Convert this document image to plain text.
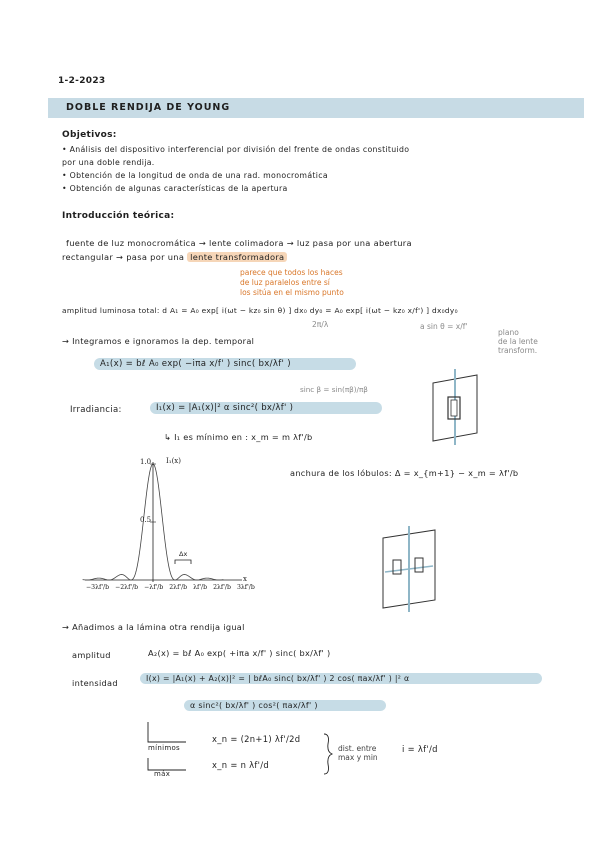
1-2-2023
DOBLE RENDIJA DE YOUNG
Objetivos:
• Análisis del dispositivo interferencial por división del frente de ondas constituido
por una doble rendija.
• Obtención de la longitud de onda de una rad. monocromática
• Obtención de algunas características de la apertura
Introducción teórica:
fuente de luz monocromática → lente colimadora → luz pasa por una abertura
rectangular → pasa por una lente transformadora
parece que todos los haces
de luz paralelos entre sí
los sitúa en el mismo punto
amplitud luminosa total: d A₁ = A₀ exp[ i(ωt − kz₀ sin θ) ] dx₀ dy₀ = A₀ exp[ i(ωt − kz₀ x/f') ] dx₀dy₀
2π/λ	a sin θ = x/f'
plano
de la lente
transform.
→ Integramos e ignoramos la dep. temporal
A₁(x) = bℓ A₀ exp( −iπa x/f' ) sinc( bx/λf' )
sinc β = sin(πβ)/πβ
Irradiancia:	I₁(x) = |A₁(x)|² α sinc²( bx/λf' )
↳ I₁ es mínimo en : x_m = m λf'/b
I₁(x)
1.0
0.5
x
Δx
−3λf'/b −2λf'/b −λf'/b 2λf'/b λf'/b 2λf'/b 3λf'/b
anchura de los lóbulos: Δ = x_{m+1} − x_m = λf'/b
→ Añadimos a la lámina otra rendija igual
amplitud	A₂(x) = bℓ A₀ exp( +iπa x/f' ) sinc( bx/λf' )
intensidad	I(x) = |A₁(x) + A₂(x)|² = | bℓA₀ sinc( bx/λf' ) 2 cos( πax/λf' ) |² α
α sinc²( bx/λf' ) cos²( πax/λf' )
mínimos
máx
x_n = (2n+1) λf'/2d
x_n = n λf'/d
dist. entre
max y min
i = λf'/d
